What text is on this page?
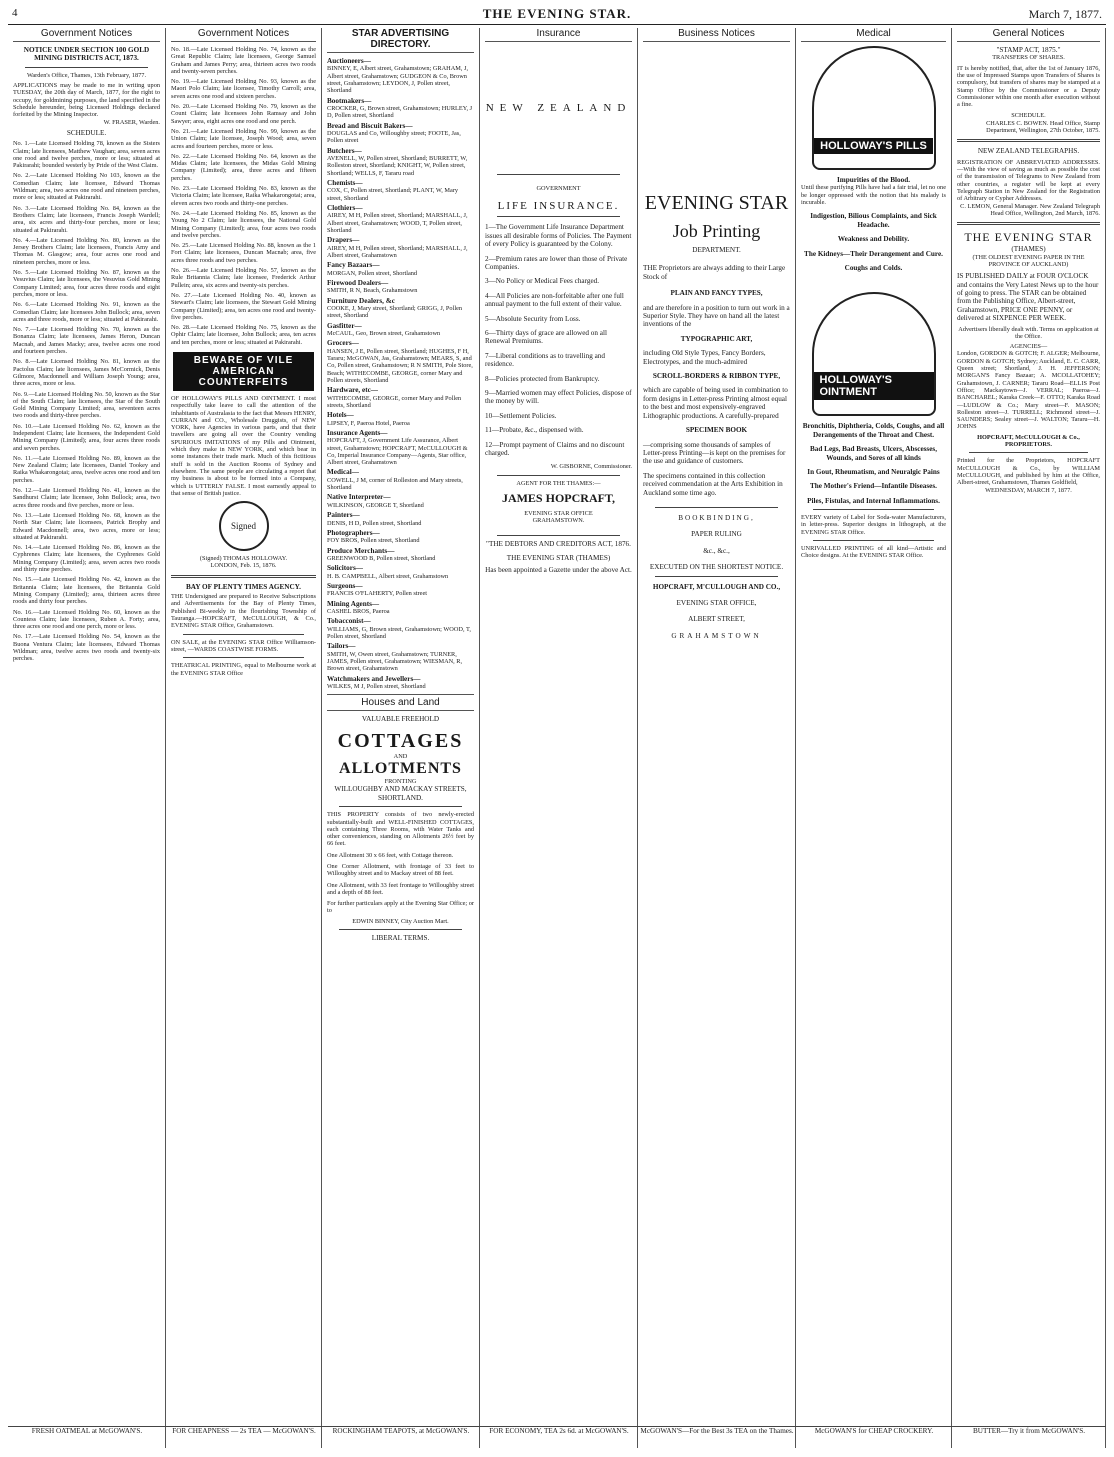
4	THE EVENING STAR.	March 7, 1877.
Government Notices
NOTICE UNDER SECTION 100 GOLD MINING DISTRICTS ACT, 1873.
Warden's Office, Thames, 13th February, 1877.
APPLICATIONS may be made to me in writing upon TUESDAY, the 20th day of March, 1877, for the right to occupy, for goldmining purposes, the land specified in the Schedule hereunder, being Licensed Holdings declared forfeited by the Mining Inspector.
W. FRASER, Warden.
SCHEDULE.
No. 1.—Late Licensed Holding 78, known as the Sisters Claim; late licensees, Matthew Vaughan; area, seven acres one rood and twelve perches, more or less; situated at Pakirarahi; bounded westerly by Pride of the West Claim.
No. 2.—Late Licensed Holding No 103, known as the Comedian Claim; late licensee, Edward Thomas Wildman; area, two acres one rood and nineteen perches, more or less; situated at Pakirarahi.
No. 3.—Late Licensed Holding No. 84, known as the Brothers Claim; late licensees, Francis Joseph Wardell; area, six acres and thirty-four perches, more or less; situated at Pakirarahi.
No. 4.—Late Licensed Holding No. 80, known as the Jersey Brothers Claim; late licensees, Francis Amy and Thomas M. Glasgow; area, four acres one rood and nineteen perches, more or less.
No. 5.—Late Licensed Holding No. 87, known as the Vesuvius Claim; late licensees, the Vesuvius Gold Mining Company Limited; area, four acres three roods and eight perches, more or less.
No. 6.—Late Licensed Holding No. 91, known as the Comedian Claim; late licensees John Bullock; area, seven acres and three roods, more or less; situated at Pakirarahi.
No. 7.—Late Licensed Holding No. 70, known as the Bonanza Claim; late licensees, James Heron, Duncan Macnab, and James Macky; area, twelve acres one rood and fourteen perches.
No. 8.—Late Licensed Holding No. 81, known as the Pactolus Claim; late licensees, James McCormick, Denis Gilmore, Macdonnell and William Joseph Young; area, three acres, more or less.
No. 9.—Late Licensed Holding No. 50, known as the Star of the South Claim; late licensees, the Star of the South Gold Mining Company Limited; area, seventeen acres two roods and thirty-three perches.
No. 10.—Late Licensed Holding No. 62, known as the Independent Claim; late licensees, the Independent Gold Mining Company (Limited); area, four acres three roods and seven perches.
No. 11.—Late Licensed Holding No. 89, known as the New Zealand Claim; late licensees, Daniel Tookey and Raika Whakarongotai; area, twelve acres one rood and ten perches.
No. 12.—Late Licensed Holding No. 41, known as the Sandhurst Claim; late licensee, John Bullock; area, two acres three roods and five perches, more or less.
No. 13.—Late Licensed Holding No. 68, known as the North Star Claim; late licensees, Patrick Brophy and Edward Macdonnell; area, two acres, more or less; situated at Pakirarahi.
No. 14.—Late Licensed Holding No. 86, known as the Cyphrenes Claim; late licensees, the Cyphrenes Gold Mining Company (Limited); area, seven acres two roods and thirty nine perches.
No. 15.—Late Licensed Holding No. 42, known as the Britannia Claim; late licensees, the Britannia Gold Mining Company (Limited); area, thirteen acres three roods and thirty four perches.
No. 16.—Late Licensed Holding No. 60, known as the Countess Claim; late licensees, Ruben A. Forty; area, three acres one rood and one perch, more or less.
No. 17.—Late Licensed Holding No. 54, known as the Buona Ventura Claim; late licensees, Edward Thomas Wildman; area, twelve acres two roods and twenty-six perches.
Government Notices
No. 18.—Late Licensed Holding No. 74, known as the Great Republic Claim; late licensees, George Samuel Graham and James Perry; area, thirteen acres two roods and twenty-seven perches.
No. 19.—Late Licensed Holding No. 93, known as the Maori Polo Claim; late licensee, Timothy Carroll; area, seven acres one rood and sixteen perches.
No. 20.—Late Licensed Holding No. 79, known as the Count Claim; late licensees John Ramsay and John Sawyer; area, eight acres one rood and one perch.
No. 21.—Late Licensed Holding No. 99, known as the Union Claim; late licensee, Joseph Wood; area, seven acres and fourteen perches, more or less.
No. 22.—Late Licensed Holding No. 64, known as the Midas Claim; late licensees, the Midas Gold Mining Company (Limited); area, three acres and fifteen perches.
No. 23.—Late Licensed Holding No. 83, known as the Victoria Claim; late licensee, Raika Whakarongotai; area, eleven acres two roods and thirty-one perches.
No. 24.—Late Licensed Holding No. 85, known as the Young No 2 Claim; late licensees, the National Gold Mining Company (Limited); area, four acres two roods and twelve perches.
No. 25.—Late Licensed Holding No. 88, known as the 1 Fort Claim; late licensees, Duncan Macnab; area, five acres three roods and two perches.
No. 26.—Late Licensed Holding No. 57, known as the Rule Britannia Claim; late licensee, Frederick Arthur Pullein; area, six acres and twenty-six perches.
No. 27.—Late Licensed Holding No. 40, known as Stewart's Claim; late licensees, the Stewart Gold Mining Company (Limited); area, ten acres one rood and twenty-five perches.
No. 28.—Late Licensed Holding No. 75, known as the Ophir Claim; late licensee, John Bullock; area, ten acres and ten perches, more or less; situated at Pakirarahi.
BEWARE OF VILE
AMERICAN COUNTERFEITS
OF HOLLOWAY'S PILLS AND OINTMENT. I most respectfully take leave to call the attention of the inhabitants of Australasia to the fact that Messrs HENRY, CURRAN and CO., Wholesale Druggists, of NEW YORK, have Agencies in various parts, and that their travellers are going all over the Country vending SPURIOUS IMITATIONS of my Pills and Ointment, which they make in NEW YORK, and which bear in some instances their trade mark. Much of this fictitious stuff is sold in the Auction Rooms of Sydney and elsewhere. The same people are circulating a report that my business is about to be formed into a Company, which is UTTERLY FALSE. I most earnestly appeal to that sense of British justice.
Signed
(Signed) THOMAS HOLLOWAY.
LONDON, Feb. 15, 1876.
BAY OF PLENTY TIMES AGENCY.
THE Undersigned are prepared to Receive Subscriptions and Advertisements for the Bay of Plenty Times, Published Bi-weekly in the flourishing Township of Tauranga.—HOPCRAFT, McCULLOUGH, & Co., EVENING STAR Office, Grahamstown.
ON SALE, at the EVENING STAR Office Williamson-street, —WARDS COASTWISE FORMS.
THEATRICAL PRINTING, equal to Melbourne work at the EVENING STAR Office
STAR ADVERTISING DIRECTORY.
Auctioneers—
BINNEY, E, Albert street, Grahamstown; GRAHAM, J, Albert street, Grahamstown; GUDGEON & Co, Brown street, Grahamstown; LEYDON, J, Pollen street, Shortland
Bootmakers—
CROCKER, G, Brown street, Grahamstown; HURLEY, J D, Pollen street, Shortland
Bread and Biscuit Bakers—
DOUGLAS and Co, Willoughby street; FOOTE, Jas, Pollen street
Butchers—
AVENELL, W, Pollen street, Shortland; BURRETT, W, Rolleston street, Shortland; KNIGHT, W, Pollen street, Shortland; WELLS, F, Tararu road
Chemists—
COX, C, Pollen street, Shortland; PLANT, W, Mary street, Shortland
Clothiers—
AIREY, M H, Pollen street, Shortland; MARSHALL, J, Albert street, Grahamstown; WOOD, T, Pollen street, Shortland
Drapers—
AIREY, M H, Pollen street, Shortland; MARSHALL, J, Albert street, Grahamstown
Fancy Bazaars—
MORGAN, Pollen street, Shortland
Firewood Dealers—
SMITH, R N, Beach, Grahamstown
Furniture Dealers, &c
COOKE, J, Mary street, Shortland; GRIGG, J, Pollen street, Shortland
Gasfitter—
McCAUL, Geo, Brown street, Grahamstown
Grocers—
HANSEN, J E, Pollen street, Shortland; HUGHES, F H, Tararu; McGOWAN, Jas, Grahamstown; MEARS, S, and Co, Pollen street, Grahamstown; R N SMITH, Pole Store, Beach; WITHECOMBE, GEORGE, corner Mary and Pollen streets, Shortland
Hardware, etc—
WITHECOMBE, GEORGE, corner Mary and Pollen streets, Shortland
Hotels—
LIPSEY, F, Paeroa Hotel, Paeroa
Insurance Agents—
HOPCRAFT, J, Government Life Assurance, Albert street, Grahamstown; HOPCRAFT, McCULLOUGH & Co, Imperial Insurance Company—Agents, Star office, Albert street, Grahamstown
Medical—
COWELL, J M, corner of Rolleston and Mary streets, Shortland
Native Interpreter—
WILKINSON, GEORGE T, Shortland
Painters—
DENIS, H D, Pollen street, Shortland
Photographers—
FOY BROS, Pollen street, Shortland
Produce Merchants—
GREENWOOD B, Pollen street, Shortland
Solicitors—
H. B. CAMPBELL, Albert street, Grahamstown
Surgeons—
FRANCIS O'FLAHERTY, Pollen street
Mining Agents—
CASHEL BROS, Paeroa
Tobacconist—
WILLIAMS, G, Brown street, Grahamstown; WOOD, T, Pollen street, Shortland
Tailors—
SMITH, W, Owen street, Grahamstown; TURNER, JAMES, Pollen street, Grahamstown; WIESMAN, R, Brown street, Grahamstown
Watchmakers and Jewellers—
WILKES, M J, Pollen street, Shortland
Houses and Land
VALUABLE FREEHOLD
COTTAGES
AND
ALLOTMENTS
FRONTING
WILLOUGHBY AND MACKAY STREETS, SHORTLAND.
THIS PROPERTY consists of two newly-erected substantially-built and WELL-FINISHED COTTAGES, each containing Three Rooms, with Water Tanks and other conveniences, standing on Allotments 26½ feet by 66 feet.
One Allotment 30 x 66 feet, with Cottage thereon.
One Corner Allotment, with frontage of 33 feet to Willoughby street and to Mackay street of 88 feet.
One Allotment, with 33 feet frontage to Willoughby street and a depth of 88 feet.
For further particulars apply at the Evening Star Office; or to
EDWIN BINNEY, City Auction Mart.
LIBERAL TERMS.
Insurance
NEW ZEALAND
GOVERNMENT
LIFE INSURANCE.
1—The Government Life Insurance Department issues all desirable forms of Policies. The Payment of every Policy is guaranteed by the Colony.
2—Premium rates are lower than those of Private Companies.
3—No Policy or Medical Fees charged.
4—All Policies are non-forfeitable after one full annual payment to the full extent of their value.
5—Absolute Security from Loss.
6—Thirty days of grace are allowed on all Renewal Premiums.
7—Liberal conditions as to travelling and residence.
8—Policies protected from Bankruptcy.
9—Married women may effect Policies, dispose of the money by will.
10—Settlement Policies.
11—Probate, &c., dispensed with.
12—Prompt payment of Claims and no discount charged.
W. GISBORNE, Commissioner.
AGENT FOR THE THAMES:—
JAMES HOPCRAFT,
EVENING STAR OFFICE
GRAHAMSTOWN.
"THE DEBTORS AND CREDITORS ACT, 1876.
THE EVENING STAR (THAMES)
Has been appointed a Gazette under the above Act.
Business Notices
EVENING STAR
Job Printing
DEPARTMENT.
THE Proprietors are always adding to their Large Stock of
PLAIN AND FANCY TYPES,
and are therefore in a position to turn out work in a Superior Style. They have on hand all the latest inventions of the
TYPOGRAPHIC ART,
including Old Style Types, Fancy Borders, Electrotypes, and the much-admired
SCROLL-BORDERS & RIBBON TYPE,
which are capable of being used in combination to form designs in Letter-press Printing almost equal to the best and most expensively-engraved Lithographic productions. A carefully-prepared
SPECIMEN BOOK
—comprising some thousands of samples of Letter-press Printing—is kept on the premises for the use and guidance of customers.
The specimens contained in this collection received commendation at the Arts Exhibition in Auckland some time ago.
BOOKBINDING,
PAPER RULING
&c., &c.,
EXECUTED ON THE SHORTEST NOTICE.
HOPCRAFT, M'CULLOUGH AND CO.,
EVENING STAR OFFICE,
ALBERT STREET,
GRAHAMSTOWN
Medical
HOLLOWAY'S PILLS
Impurities of the Blood.
Until these purifying Pills have had a fair trial, let no one be longer oppressed with the notion that his malady is incurable.
Indigestion, Bilious Complaints, and Sick Headache.
Weakness and Debility.
The Kidneys—Their Derangement and Cure.
Coughs and Colds.
HOLLOWAY'S OINTMENT
Bronchitis, Diphtheria, Colds, Coughs, and all Derangements of the Throat and Chest.
Bad Legs, Bad Breasts, Ulcers, Abscesses, Wounds, and Sores of all kinds
In Gout, Rheumatism, and Neuralgic Pains
The Mother's Friend—Infantile Diseases.
Piles, Fistulas, and Internal Inflammations.
EVERY variety of Label for Soda-water Manufacturers, in letter-press. Superior designs in lithograph, at the EVENING STAR Office.
UNRIVALLED PRINTING of all kind—Artistic and Choice designs. At the EVENING STAR Office.
General Notices
"STAMP ACT, 1875."
TRANSFERS OF SHARES.
IT is hereby notified, that, after the 1st of January 1876, the use of Impressed Stamps upon Transfers of Shares is compulsory, but transfers of shares may be stamped at a Stamp Office by the Commissioner or a Deputy Commissioner within one month after execution without a fine.
SCHEDULE.
CHARLES C. BOWEN. Head Office, Stamp Department, Wellington, 27th October, 1875.
NEW ZEALAND TELEGRAPHS.
REGISTRATION OF ABBREVIATED ADDRESSES.—With the view of saving as much as possible the cost of the transmission of Telegrams to New Zealand from other countries, a register will be kept at every Telegraph Station in New Zealand for the Registration of Arbitrary or Cypher Addresses.
C. LEMON, General Manager. New Zealand Telegraph Head Office, Wellington, 2nd March, 1876.
THE EVENING STAR
(THAMES)
(THE OLDEST EVENING PAPER IN THE PROVINCE OF AUCKLAND)
IS PUBLISHED DAILY at FOUR O'CLOCK and contains the Very Latest News up to the hour of going to press. The STAR can be obtained from the Publishing Office, Albert-street, Grahamstown, PRICE ONE PENNY, or delivered at SIXPENCE PER WEEK.
Advertisers liberally dealt with. Terms on application at the Office.
AGENCIES—
London, GORDON & GOTCH; F. ALGER; Melbourne, GORDON & GOTCH; Sydney; Auckland, E. C. CARR, Queen street; Shortland, J. H. JEFFERSON; MORGAN'S Fancy Bazaar; A. MCOLLATOHEY; Grahamstown, J. CARNER; Tararu Road—ELLIS Post Office; Mackaytown—J. VERRAL; Paeroa—J. BANCHAREL; Karaka Creek—F. OTTO; Karaka Road—LUDLOW & Co.; Mary street—F. MASON; Rolleston street—J. TURRELL; Richmond street—J. SAUNDERS; Sealey street—J. WALTON; Tararu—H. JOHNS
HOPCRAFT, McCULLOUGH & Co., PROPRIETORS.
Printed for the Proprietors, HOPCRAFT McCULLOUGH & Co., by WILLIAM McCULLOUGH, and published by him at the Office, Albert-street, Grahamstown, Thames Goldfield,
WEDNESDAY, MARCH 7, 1877.
FRESH OATMEAL at McGOWAN'S.	FOR CHEAPNESS — 2s TEA — McGOWAN'S.	ROCKINGHAM TEAPOTS, at McGOWAN'S.	FOR ECONOMY, TEA 2s 6d. at McGOWAN'S.	McGOWAN'S—For the Best 3s TEA on the Thames.	McGOWAN'S for CHEAP CROCKERY.	BUTTER—Try it from McGOWAN'S.
